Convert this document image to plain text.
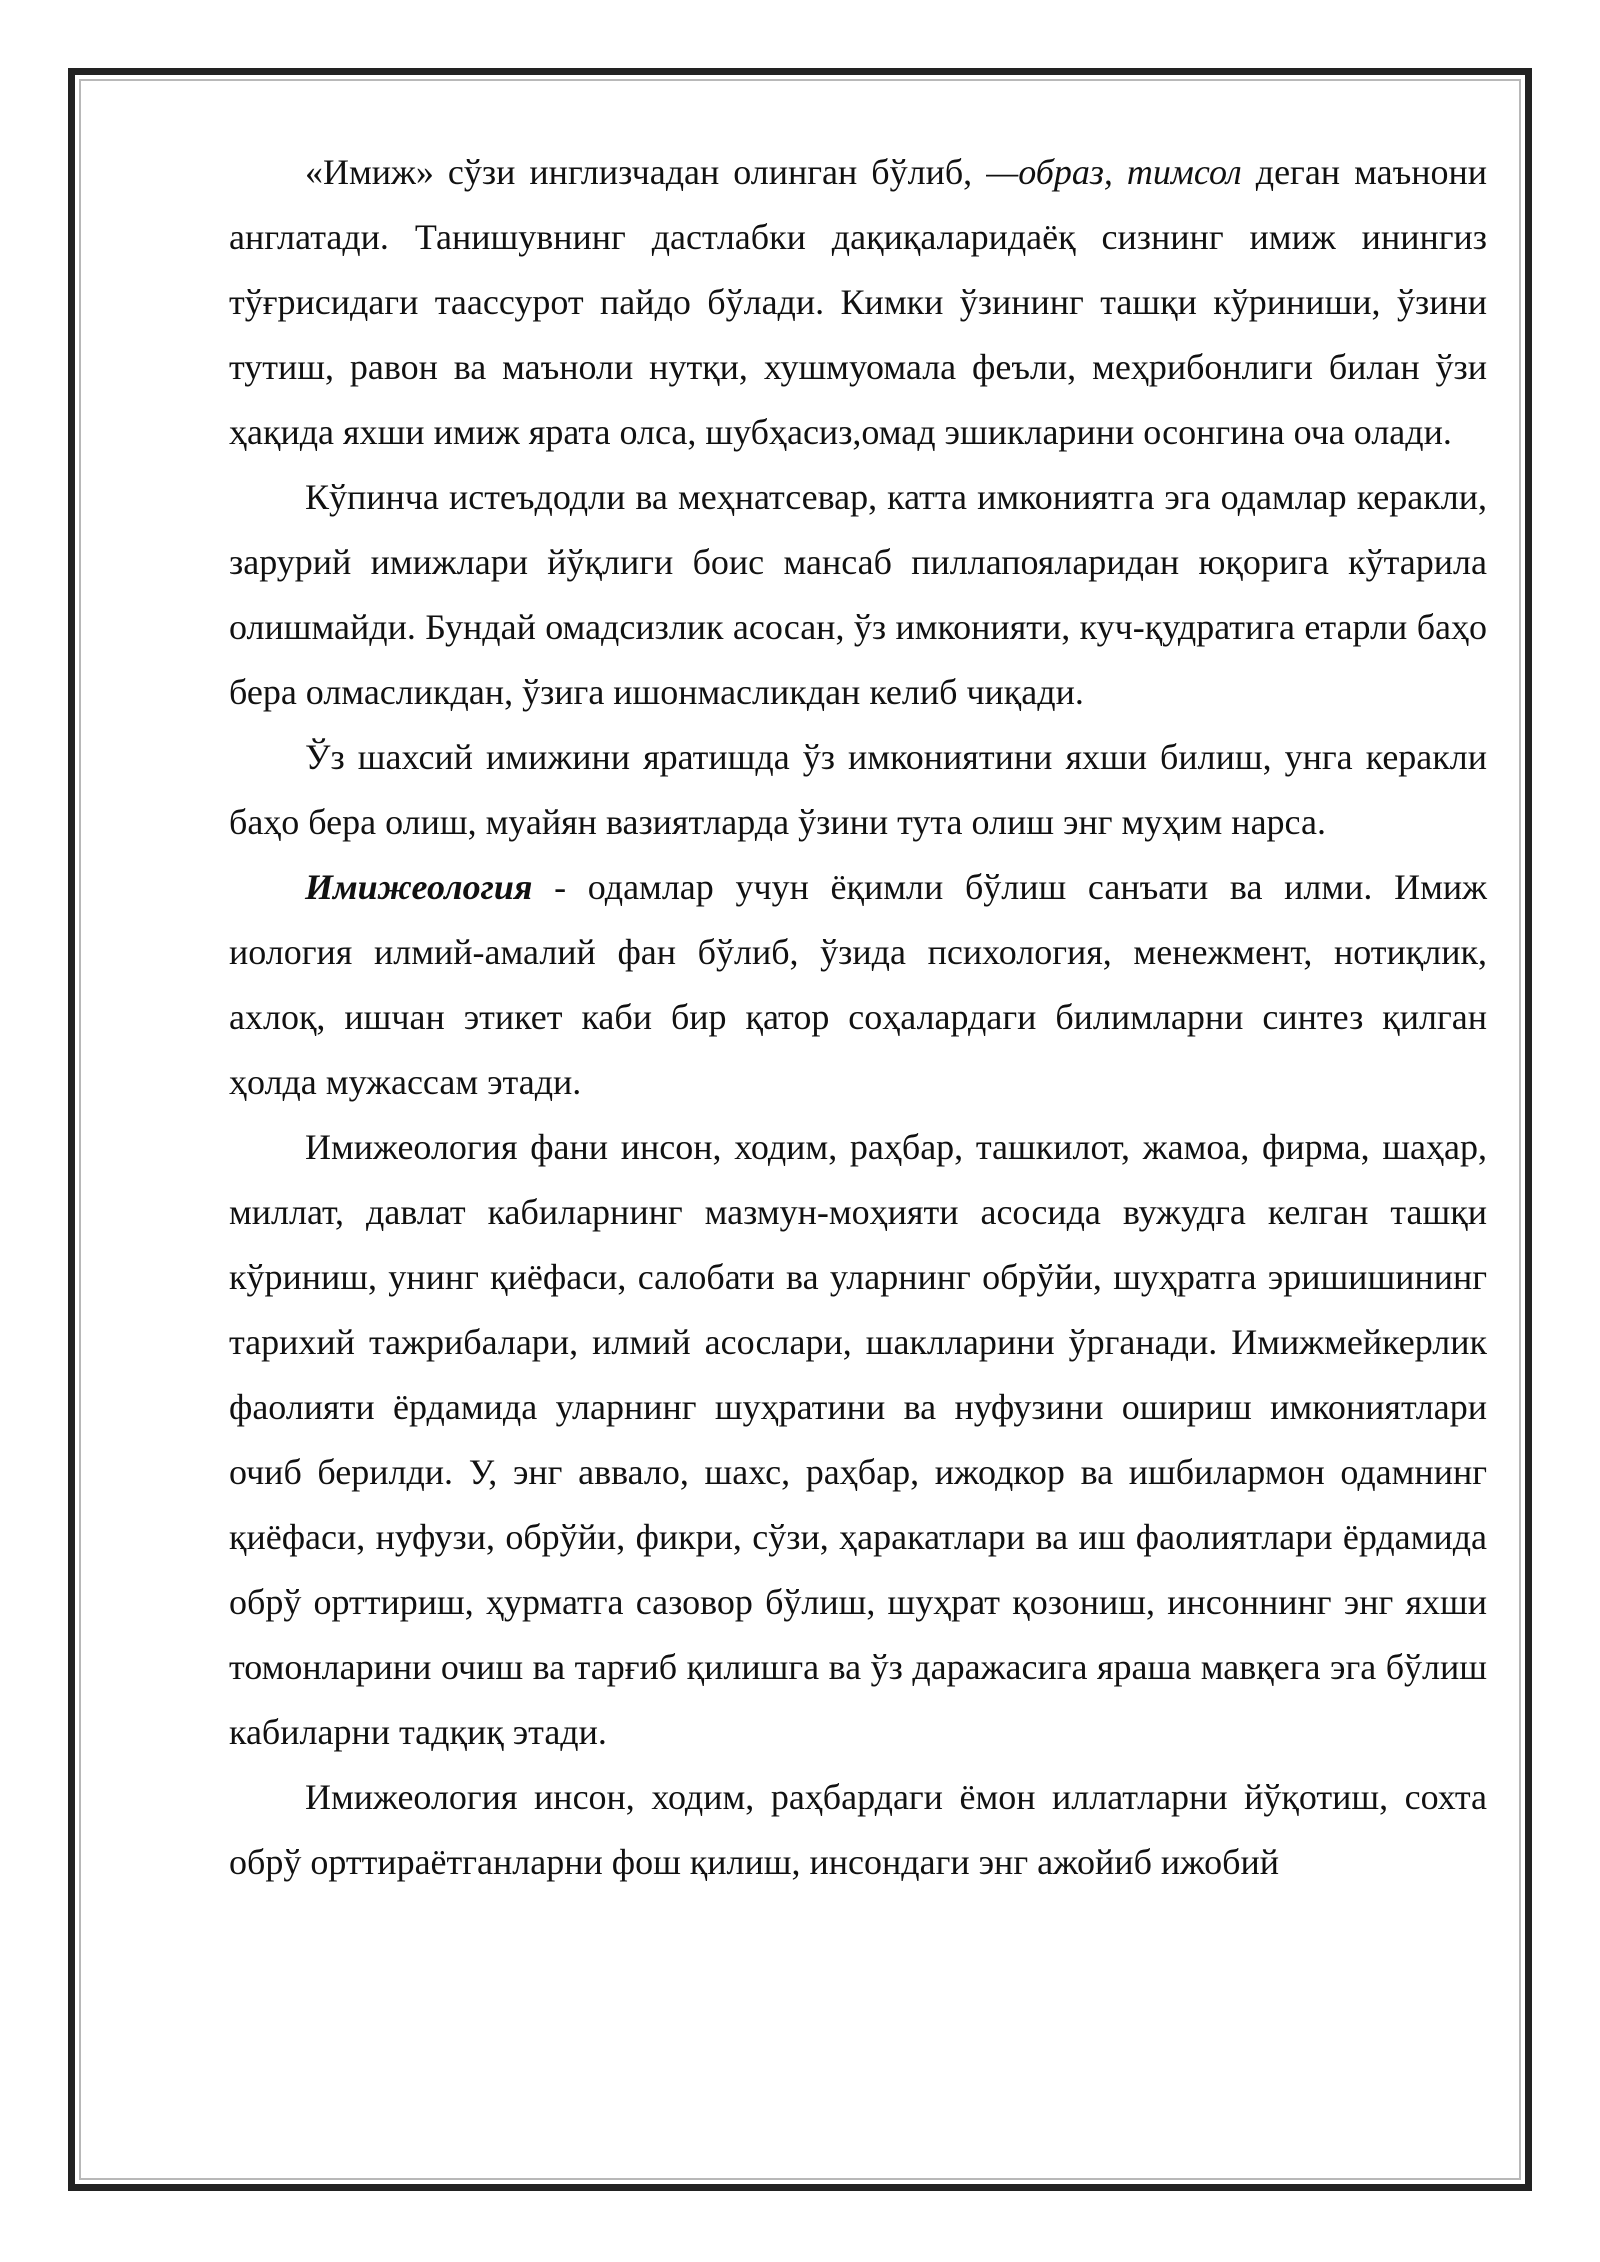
«Имиж» сўзи инглизчадан олинган бўлиб, —образ, тимсол деган маънони англатади. Танишувнинг дастлабки дақиқаларидаёқ сизнинг имиж инингиз тўғрисидаги таассурот пайдо бўлади. Кимки ўзининг ташқи кўриниши, ўзини тутиш, равон ва маъноли нутқи, хушмуомала феъли, меҳрибонлиги билан ўзи ҳақида яхши имиж ярата олса, шубҳасиз,омад эшикларини осонгина оча олади.

Кўпинча истеъдодли ва меҳнатсевар, катта имкониятга эга одамлар керакли, зарурий имижлари йўқлиги боис мансаб пиллапояларидан юқорига кўтарила олишмайди. Бундай омадсизлик асосан, ўз имконияти, куч-қудратига етарли баҳо бера олмасликдан, ўзига ишонмасликдан келиб чиқади.

Ўз шахсий имижини яратишда ўз имкониятини яхши билиш, унга керакли баҳо бера олиш, муайян вазиятларда ўзини тута олиш энг муҳим нарса.

Имижеология - одамлар учун ёқимли бўлиш санъати ва илми. Имиж иология илмий-амалий фан бўлиб, ўзида психология, менежмент, нотиқлик, ахлоқ, ишчан этикет каби бир қатор соҳалардаги билимларни синтез қилган ҳолда мужассам этади.

Имижеология фани инсон, ходим, раҳбар, ташкилот, жамоа, фирма, шаҳар, миллат, давлат кабиларнинг мазмун-моҳияти асосида вужудга келган ташқи кўриниш, унинг қиёфаси, салобати ва уларнинг обрўйи, шуҳратга эришишининг тарихий тажрибалари, илмий асослари, шаклларини ўрганади. Имижмейкерлик фаолияти ёрдамида уларнинг шуҳратини ва нуфузини ошириш имкониятлари очиб берилди. У, энг аввало, шахс, раҳбар, ижодкор ва ишбилармон одамнинг қиёфаси, нуфузи, обрўйи, фикри, сўзи, ҳаракатлари ва иш фаолиятлари ёрдамида обрў орттириш, ҳурматга сазовор бўлиш, шуҳрат қозониш, инсоннинг энг яхши томонларини очиш ва тарғиб қилишга ва ўз даражасига яраша мавқега эга бўлиш кабиларни тадқиқ этади.

Имижеология инсон, ходим, раҳбардаги ёмон иллатларни йўқотиш, сохта обрў орттираётганларни фош қилиш, инсондаги энг ажойиб ижобий
